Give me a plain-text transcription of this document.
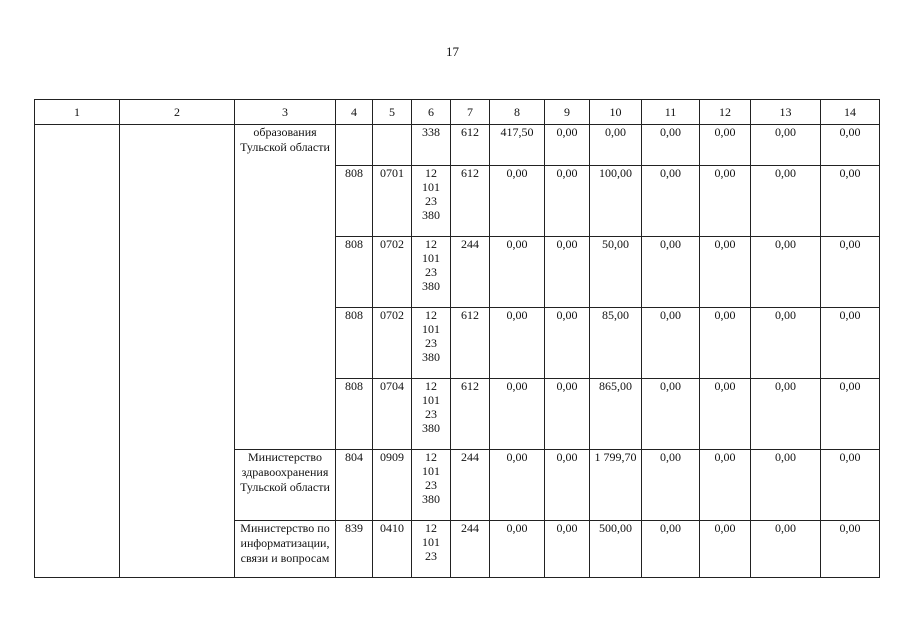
17
1	2	3	4	5	6	7	8	9	10	11	12	13	14
		образования Тульской области			338	612	417,50	0,00	0,00	0,00	0,00	0,00	0,00
			808	0701	12
101
23
380	612	0,00	0,00	100,00	0,00	0,00	0,00	0,00
			808	0702	12
101
23
380	244	0,00	0,00	50,00	0,00	0,00	0,00	0,00
			808	0702	12
101
23
380	612	0,00	0,00	85,00	0,00	0,00	0,00	0,00
			808	0704	12
101
23
380	612	0,00	0,00	865,00	0,00	0,00	0,00	0,00
		Министерство здравоохранения Тульской области	804	0909	12
101
23
380	244	0,00	0,00	1 799,70	0,00	0,00	0,00	0,00
		Министерство по информатизации, связи и вопросам	839	0410	12
101
23	244	0,00	0,00	500,00	0,00	0,00	0,00	0,00
